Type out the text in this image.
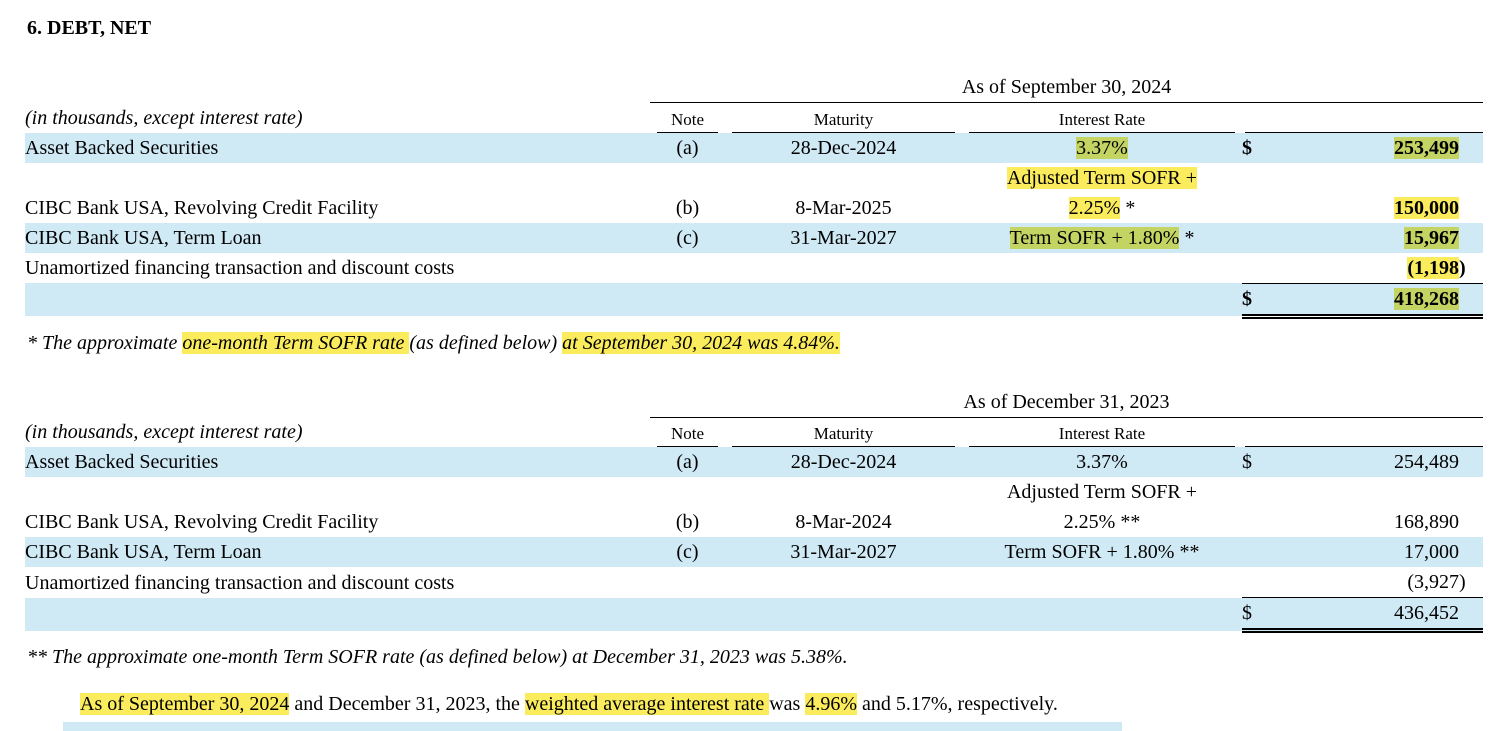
6. DEBT, NET
	As of September 30, 2024					
(in thousands, except interest rate)	Note	Maturity	Interest Rate			

Asset Backed Securities	(a)	28-Dec-2024	3.37%	$	253,499	
CIBC Bank USA, Revolving Credit Facility	(b)	8-Mar-2025	Adjusted Term SOFR +
2.25% *		150,000	
CIBC Bank USA, Term Loan	(c)	31-Mar-2027	Term SOFR + 1.80% *		15,967	
Unamortized financing transaction and discount costs					(1,198	)
				$	418,268	

* The approximate one-month Term SOFR rate (as defined below) at September 30, 2024 was 4.84%.

	As of December 31, 2023					
(in thousands, except interest rate)	Note	Maturity	Interest Rate			

Asset Backed Securities	(a)	28-Dec-2024	3.37%	$	254,489	
CIBC Bank USA, Revolving Credit Facility	(b)	8-Mar-2024	Adjusted Term SOFR +
2.25% **		168,890	
CIBC Bank USA, Term Loan	(c)	31-Mar-2027	Term SOFR + 1.80% **		17,000	
Unamortized financing transaction and discount costs					(3,927	)
				$	436,452	

** The approximate one-month Term SOFR rate (as defined below) at December 31, 2023 was 5.38%.

As of September 30, 2024 and December 31, 2023, the weighted average interest rate was 4.96% and 5.17%, respectively.
